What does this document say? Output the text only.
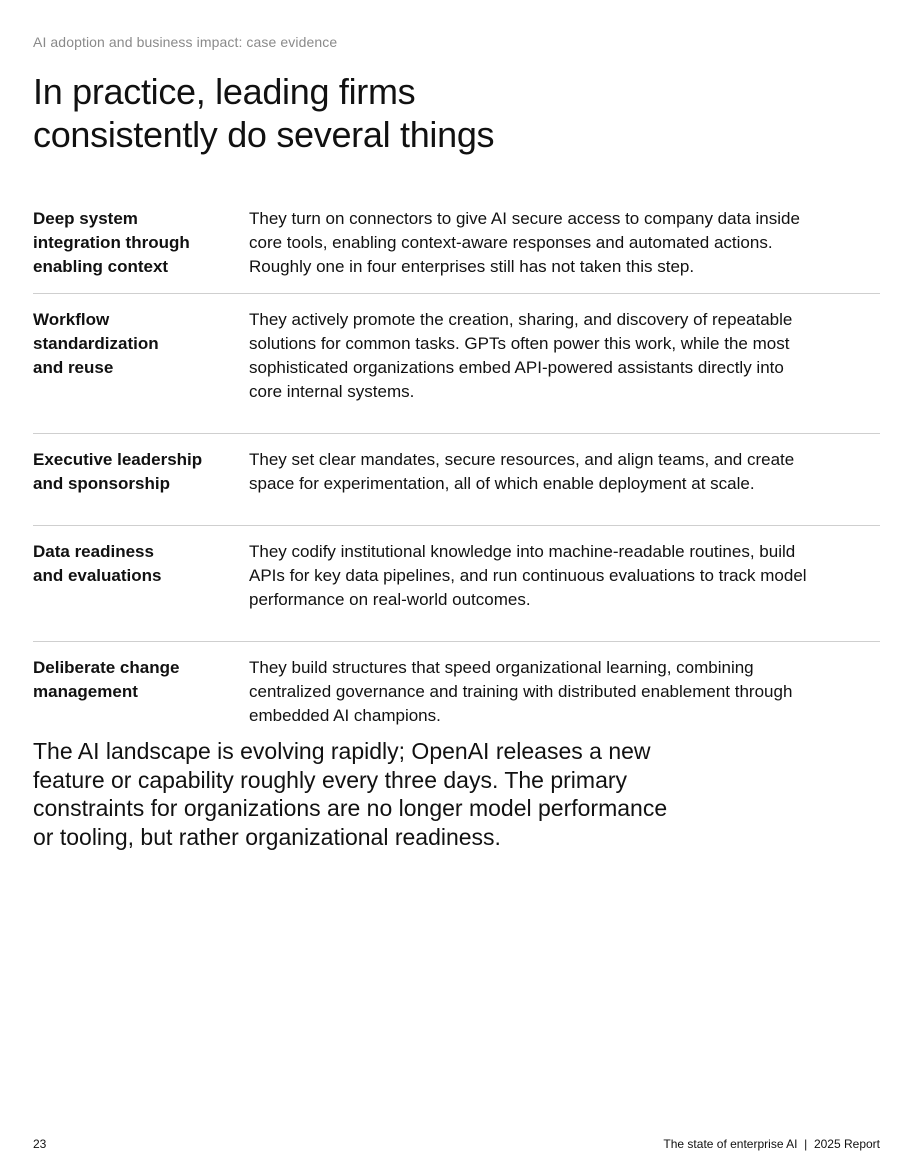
AI adoption and business impact: case evidence
In practice, leading firms
consistently do several things
Deep system
integration through
enabling context
They turn on connectors to give AI secure access to company data inside
core tools, enabling context-aware responses and automated actions.
Roughly one in four enterprises still has not taken this step.
Workflow
standardization
and reuse
They actively promote the creation, sharing, and discovery of repeatable
solutions for common tasks. GPTs often power this work, while the most
sophisticated organizations embed API-powered assistants directly into
core internal systems.
Executive leadership
and sponsorship
They set clear mandates, secure resources, and align teams, and create
space for experimentation, all of which enable deployment at scale.
Data readiness
and evaluations
They codify institutional knowledge into machine-readable routines, build
APIs for key data pipelines, and run continuous evaluations to track model
performance on real-world outcomes.
Deliberate change
management
They build structures that speed organizational learning, combining
centralized governance and training with distributed enablement through
embedded AI champions.

The AI landscape is evolving rapidly; OpenAI releases a new
feature or capability roughly every three days. The primary
constraints for organizations are no longer model performance
or tooling, but rather organizational readiness.

23	The state of enterprise AI  |  2025 Report
